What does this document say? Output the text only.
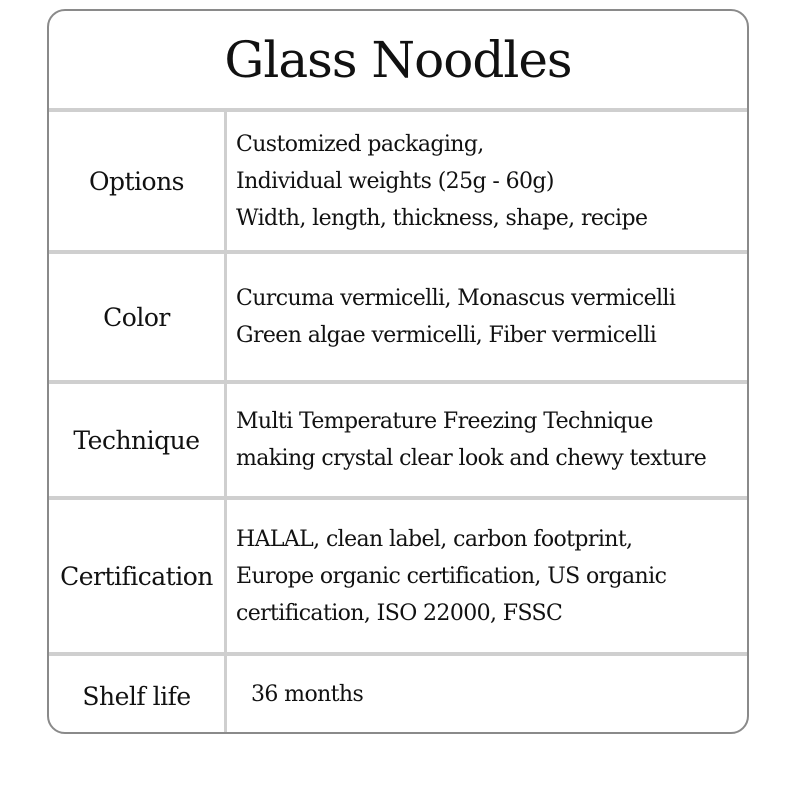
Glass Noodles
Options
Customized packaging,
Individual weights (25g - 60g)
Width, length, thickness, shape, recipe
Color
Curcuma vermicelli, Monascus vermicelli
Green algae vermicelli, Fiber vermicelli
Technique
Multi Temperature Freezing Technique
making crystal clear look and chewy texture
Certification
HALAL, clean label, carbon footprint,
Europe organic certification, US organic
certification, ISO 22000, FSSC
Shelf life	36 months
